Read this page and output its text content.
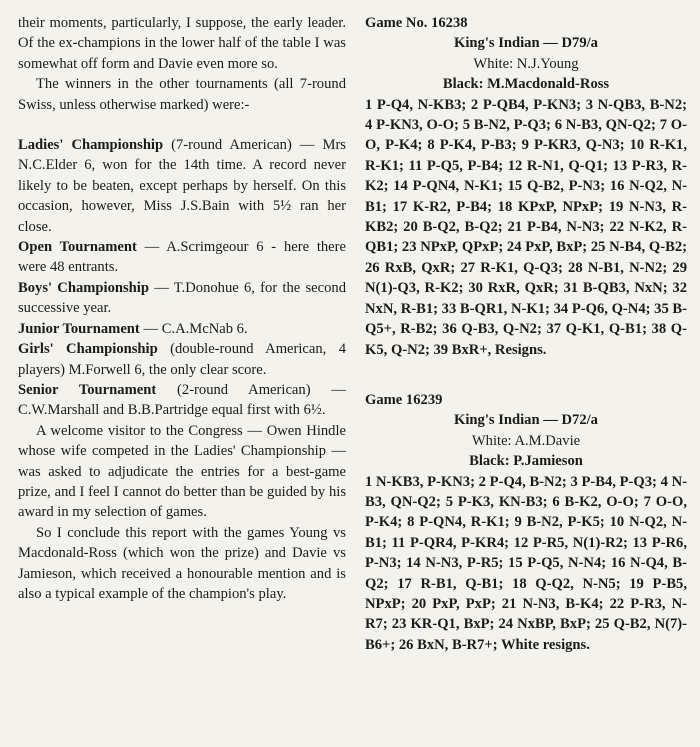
their moments, particularly, I suppose, the early leader. Of the ex-champions in the lower half of the table I was somewhat off form and Davie even more so.

The winners in the other tournaments (all 7-round Swiss, unless otherwise marked) were:-

Ladies' Championship (7-round American) — Mrs N.C.Elder 6, won for the 14th time. A record never likely to be beaten, except perhaps by herself. On this occasion, however, Miss J.S.Bain with 5½ ran her close.

Open Tournament — A.Scrimgeour 6 - here there were 48 entrants.

Boys' Championship — T.Donohue 6, for the second successive year.

Junior Tournament — C.A.McNab 6.

Girls' Championship (double-round American, 4 players) M.Forwell 6, the only clear score.

Senior Tournament (2-round American) — C.W.Marshall and B.B.Partridge equal first with 6½.

A welcome visitor to the Congress — Owen Hindle whose wife competed in the Ladies' Championship — was asked to adjudicate the entries for a best-game prize, and I feel I cannot do better than be guided by his award in my selection of games.

So I conclude this report with the games Young vs Macdonald-Ross (which won the prize) and Davie vs Jamieson, which received a honourable mention and is also a typical example of the champion's play.

Game No. 16238
King's Indian — D79/a
White: N.J.Young
Black: M.Macdonald-Ross

1 P-Q4, N-KB3; 2 P-QB4, P-KN3; 3 N-QB3, B-N2; 4 P-KN3, O-O; 5 B-N2, P-Q3; 6 N-B3, QN-Q2; 7 O-O, P-K4; 8 P-K4, P-B3; 9 P-KR3, Q-N3; 10 R-K1, R-K1; 11 P-Q5, P-B4; 12 R-N1, Q-Q1; 13 P-R3, R-K2; 14 P-QN4, N-K1; 15 Q-B2, P-N3; 16 N-Q2, N-B1; 17 K-R2, P-B4; 18 KPxP, NPxP; 19 N-N3, R-KB2; 20 B-Q2, B-Q2; 21 P-B4, N-N3; 22 N-K2, R-QB1; 23 NPxP, QPxP; 24 PxP, BxP; 25 N-B4, Q-B2; 26 RxB, QxR; 27 R-K1, Q-Q3; 28 N-B1, N-N2; 29 N(1)-Q3, R-K2; 30 RxR, QxR; 31 B-QB3, NxN; 32 NxN, R-B1; 33 B-QR1, N-K1; 34 P-Q6, Q-N4; 35 B-Q5+, R-B2; 36 Q-B3, Q-N2; 37 Q-K1, Q-B1; 38 Q-K5, Q-N2; 39 BxR+, Resigns.

Game 16239
King's Indian — D72/a
White: A.M.Davie
Black: P.Jamieson

1 N-KB3, P-KN3; 2 P-Q4, B-N2; 3 P-B4, P-Q3; 4 N-B3, QN-Q2; 5 P-K3, KN-B3; 6 B-K2, O-O; 7 O-O, P-K4; 8 P-QN4, R-K1; 9 B-N2, P-K5; 10 N-Q2, N-B1; 11 P-QR4, P-KR4; 12 P-R5, N(1)-R2; 13 P-R6, P-N3; 14 N-N3, P-R5; 15 P-Q5, N-N4; 16 N-Q4, B-Q2; 17 R-B1, Q-B1; 18 Q-Q2, N-N5; 19 P-B5, NPxP; 20 PxP, PxP; 21 N-N3, B-K4; 22 P-R3, N-R7; 23 KR-Q1, BxP; 24 NxBP, BxP; 25 Q-B2, N(7)-B6+; 26 BxN, B-R7+; White resigns.
